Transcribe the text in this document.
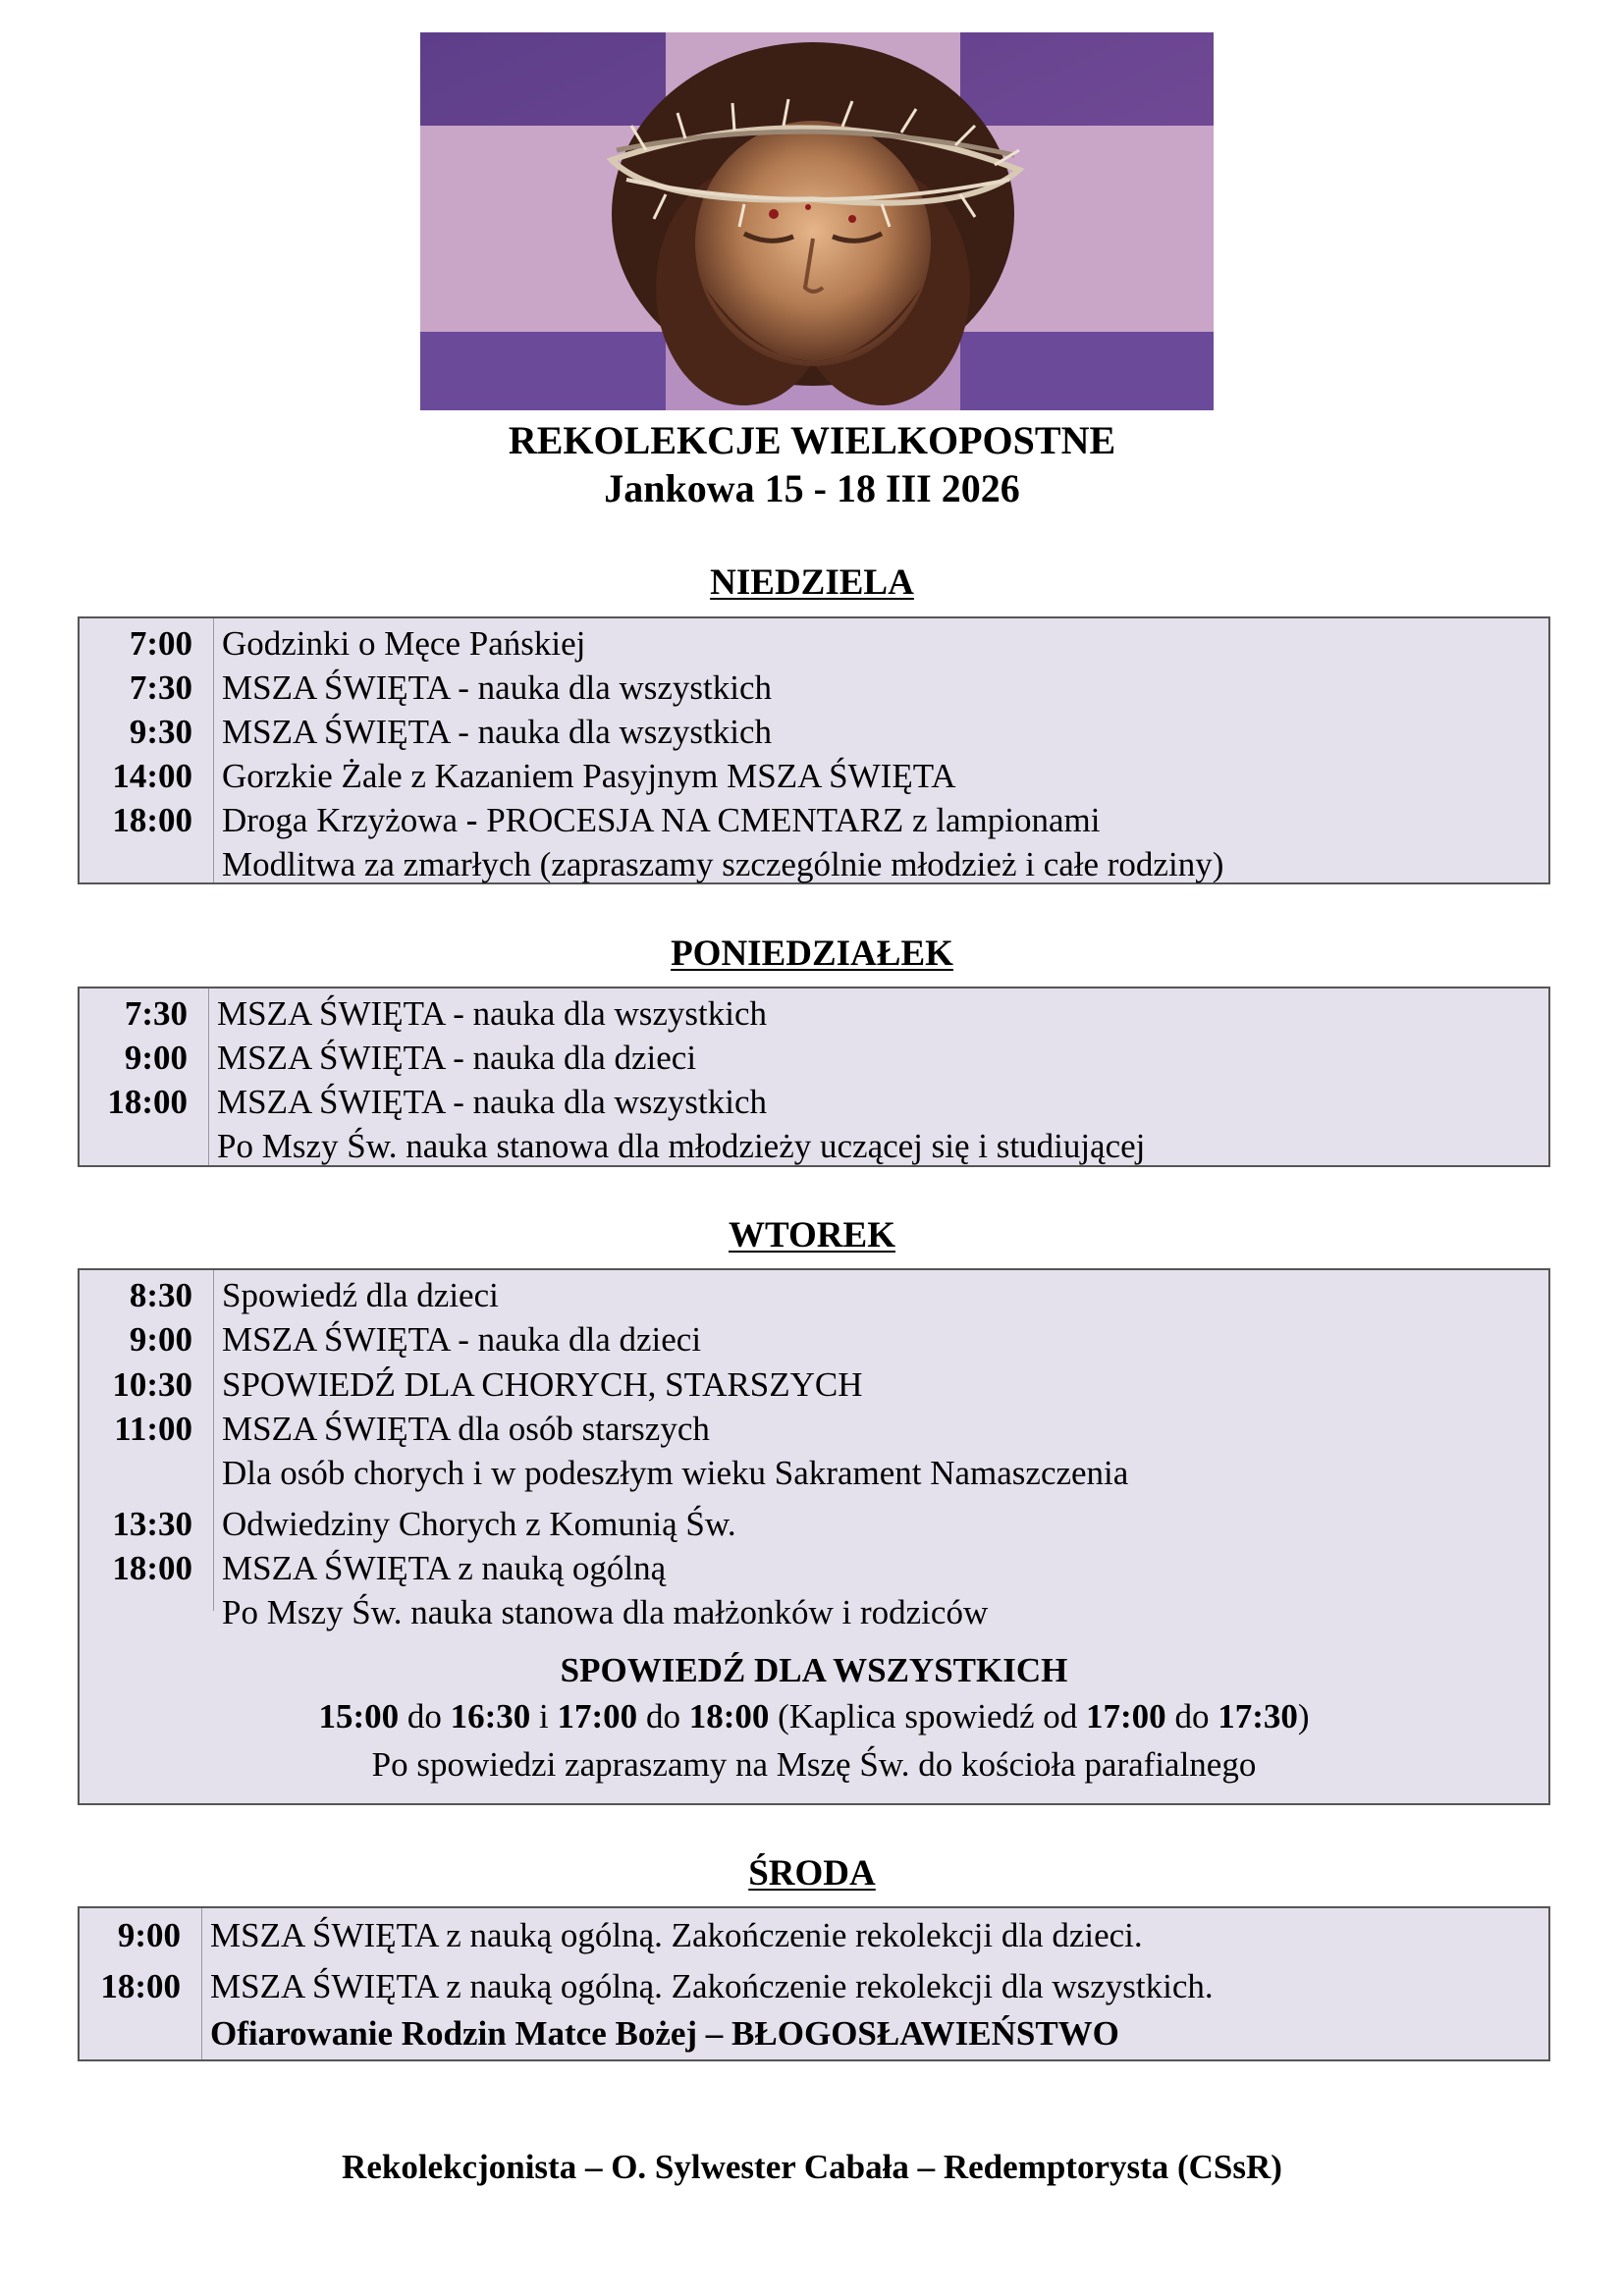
REKOLEKCJE WIELKOPOSTNE
Jankowa 15 - 18 III 2026
NIEDZIELA
7:00 Godzinki o Męce Pańskiej
7:30 MSZA ŚWIĘTA - nauka dla wszystkich
9:30 MSZA ŚWIĘTA - nauka dla wszystkich
14:00 Gorzkie Żale z Kazaniem Pasyjnym MSZA ŚWIĘTA
18:00 Droga Krzyżowa - PROCESJA NA CMENTARZ z lampionami
Modlitwa za zmarłych (zapraszamy szczególnie młodzież i całe rodziny)
PONIEDZIAŁEK
7:30 MSZA ŚWIĘTA - nauka dla wszystkich
9:00 MSZA ŚWIĘTA - nauka dla dzieci
18:00 MSZA ŚWIĘTA - nauka dla wszystkich
Po Mszy Św. nauka stanowa dla młodzieży uczącej się i studiującej
WTOREK
8:30 Spowiedź dla dzieci
9:00 MSZA ŚWIĘTA - nauka dla dzieci
10:30 SPOWIEDŹ DLA CHORYCH, STARSZYCH
11:00 MSZA ŚWIĘTA dla osób starszych
Dla osób chorych i w podeszłym wieku Sakrament Namaszczenia
13:30 Odwiedziny Chorych z Komunią Św.
18:00 MSZA ŚWIĘTA z nauką ogólną
Po Mszy Św. nauka stanowa dla małżonków i rodziców
SPOWIEDŹ DLA WSZYSTKICH
15:00 do 16:30 i 17:00 do 18:00 (Kaplica spowiedź od 17:00 do 17:30)
Po spowiedzi zapraszamy na Mszę Św. do kościoła parafialnego
ŚRODA
9:00 MSZA ŚWIĘTA z nauką ogólną. Zakończenie rekolekcji dla dzieci.
18:00 MSZA ŚWIĘTA z nauką ogólną. Zakończenie rekolekcji dla wszystkich.
Ofiarowanie Rodzin Matce Bożej – BŁOGOSŁAWIEŃSTWO
Rekolekcjonista – O. Sylwester Cabała – Redemptorysta (CSsR)
